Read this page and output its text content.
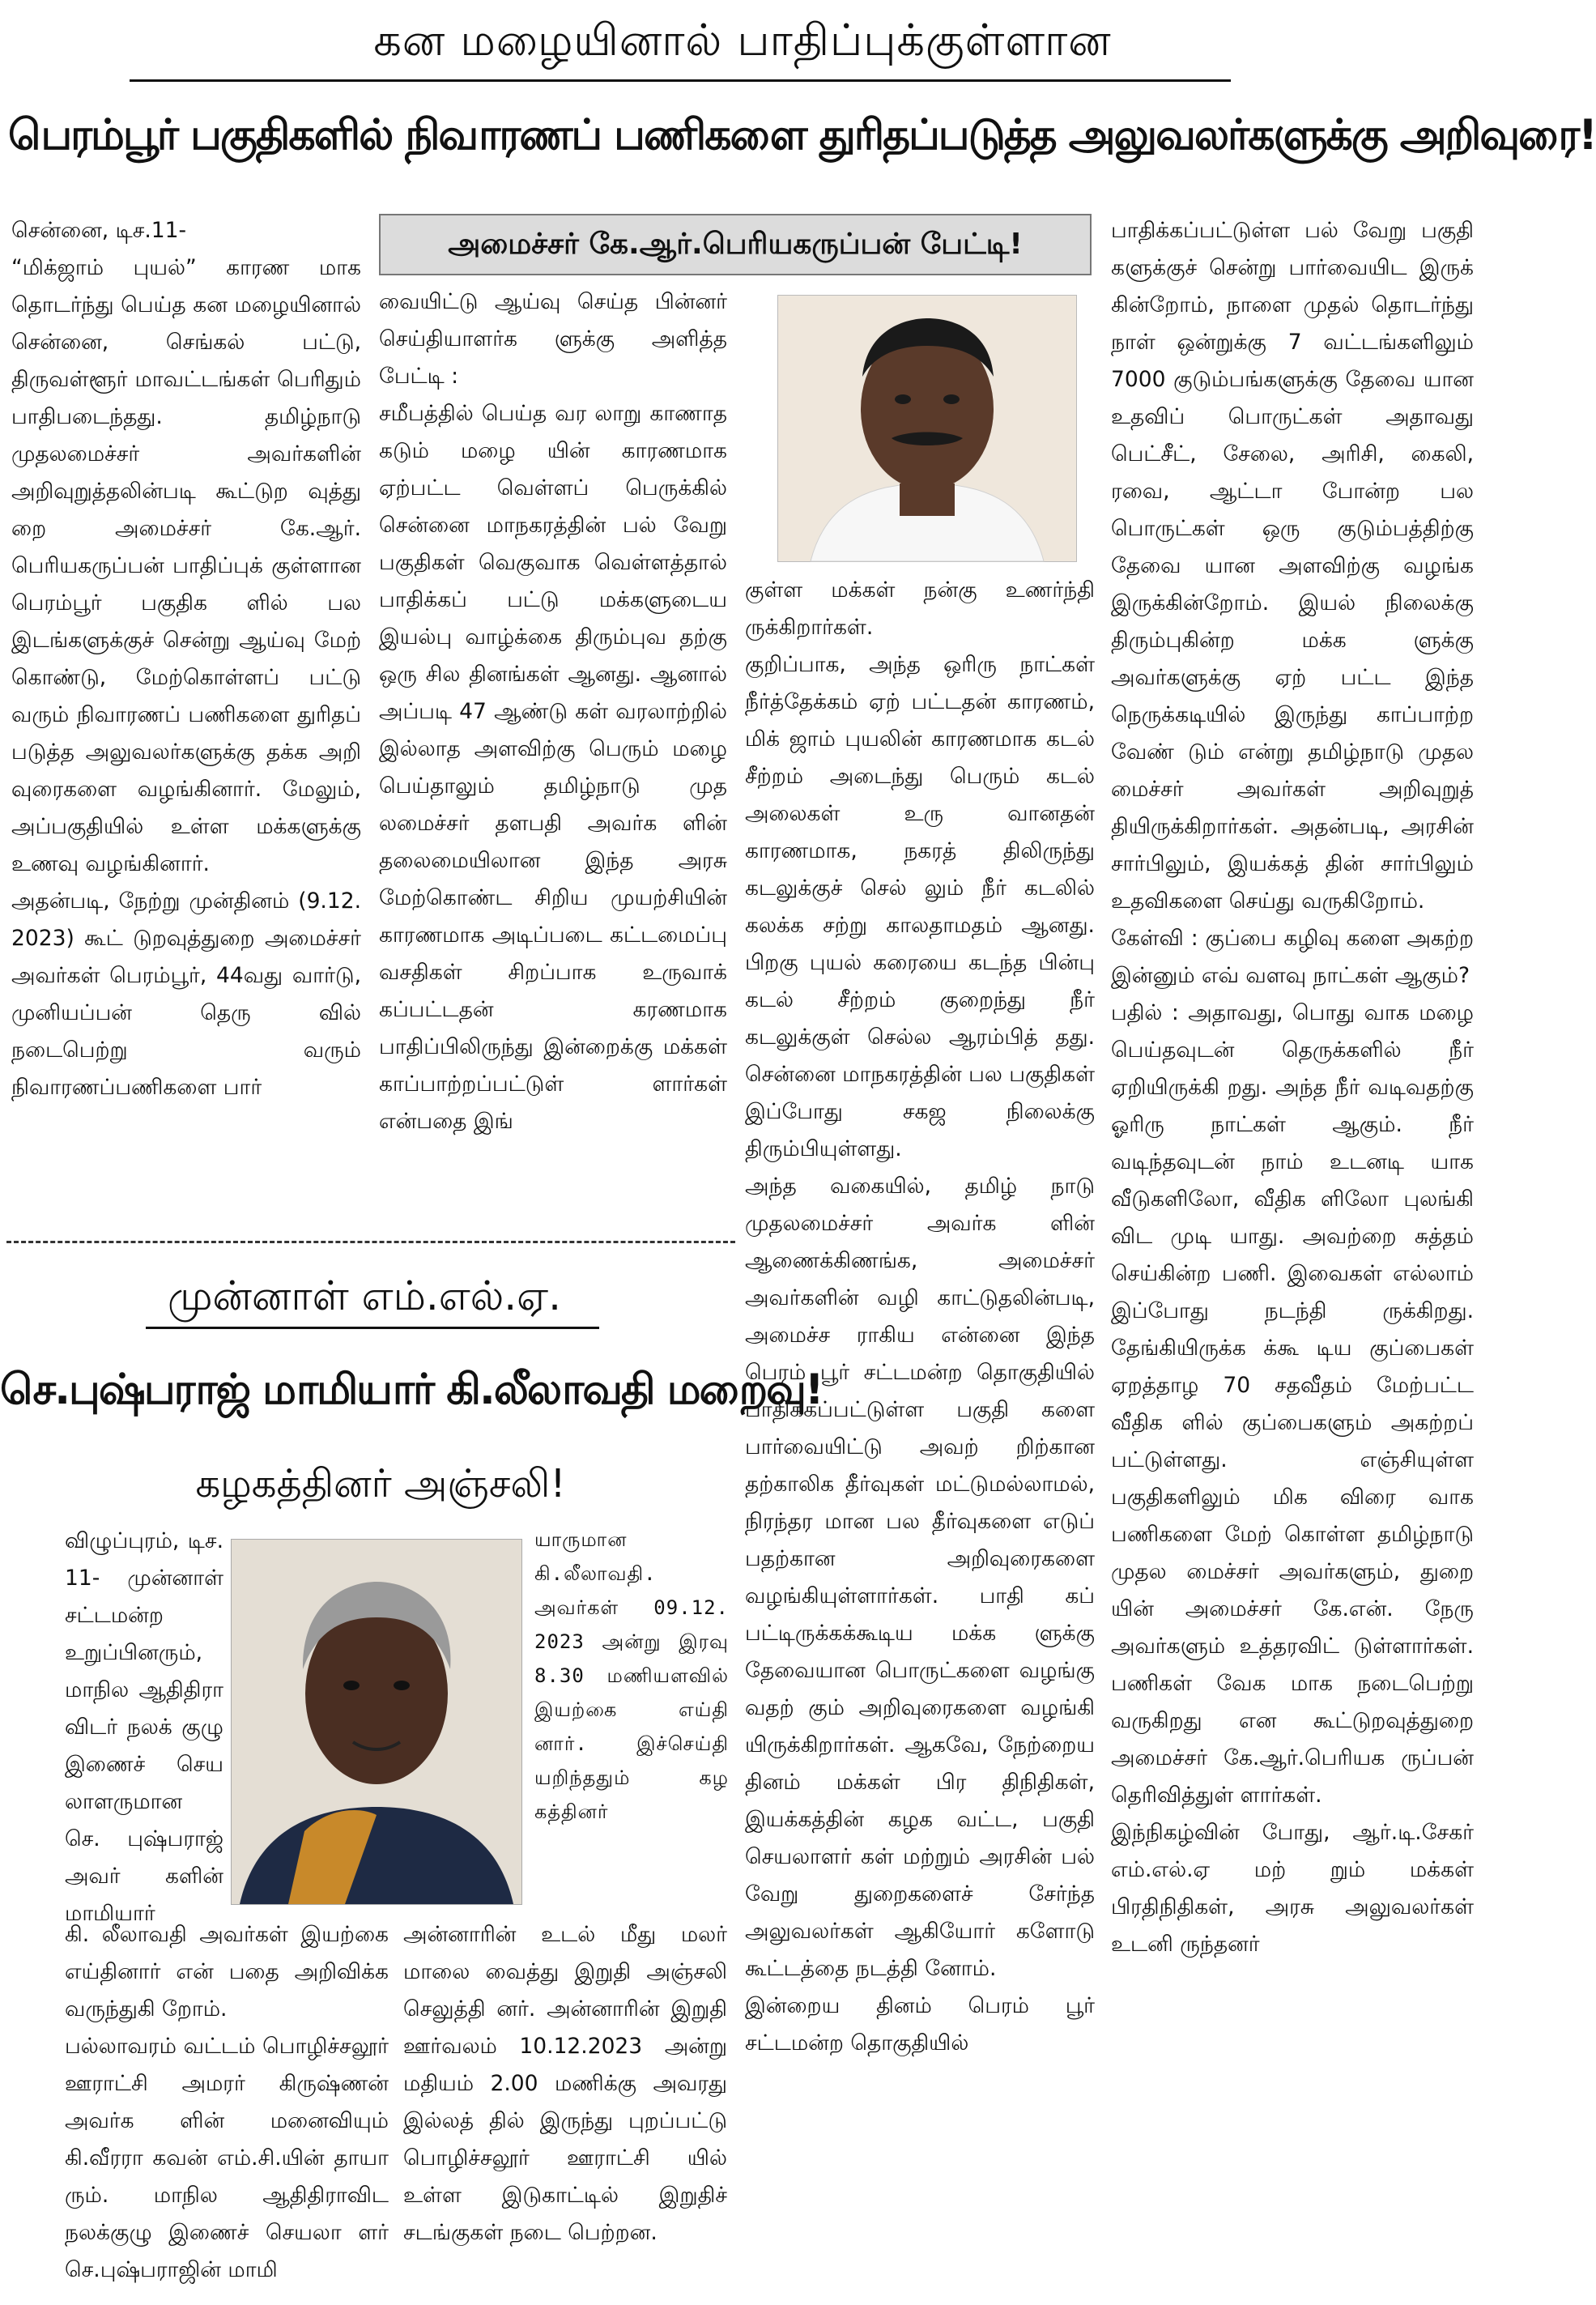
கன மழையினால் பாதிப்புக்குள்ளான
பெரம்பூர் பகுதிகளில் நிவாரணப் பணிகளை துரிதப்படுத்த அலுவலர்களுக்கு அறிவுரை!
சென்னை, டிச.11-
“மிக்ஜாம் புயல்” காரண மாக தொடர்ந்து பெய்த கன மழையினால் சென்னை, செங்கல் பட்டு, திருவள்ளூர் மாவட்டங்கள் பெரிதும் பாதிபடைந்தது. தமிழ்நாடு முதலமைச்சர் அவர்களின் அறிவுறுத்தலின்படி கூட்டுற வுத்து றை அமைச்சர் கே.ஆர். பெரியகருப்பன் பாதிப்புக் குள்ளான பெரம்பூர் பகுதிக ளில் பல இடங்களுக்குச் சென்று ஆய்வு மேற் கொண்டு, மேற்கொள்ளப் பட்டு வரும் நிவாரணப் பணிகளை துரிதப் படுத்த அலுவலர்களுக்கு தக்க அறி வுரைகளை வழங்கினார். மேலும், அப்பகுதியில் உள்ள மக்களுக்கு உணவு வழங்கினார்.
அதன்படி, நேற்று முன்தினம் (9.12. 2023) கூட் டுறவுத்துறை அமைச்சர் அவர்கள் பெரம்பூர், 44வது வார்டு, முனியப்பன் தெரு வில் நடைபெற்று வரும் நிவாரணப்பணிகளை பார்
அமைச்சர் கே.ஆர்.பெரியகருப்பன் பேட்டி!
வையிட்டு ஆய்வு செய்த பின்னர் செய்தியாளர்க ளுக்கு அளித்த பேட்டி :
சமீபத்தில் பெய்த வர லாறு காணாத கடும் மழை யின் காரணமாக ஏற்பட்ட வெள்ளப் பெருக்கில் சென்னை மாநகரத்தின் பல் வேறு பகுதிகள் வெகுவாக வெள்ளத்தால் பாதிக்கப் பட்டு மக்களுடைய இயல்பு வாழ்க்கை திரும்புவ தற்கு ஒரு சில தினங்கள் ஆனது. ஆனால் அப்படி 47 ஆண்டு கள் வரலாற்றில் இல்லாத அளவிற்கு பெரும் மழை பெய்தாலும் தமிழ்நாடு முத லமைச்சர் தளபதி அவர்க ளின் தலைமையிலான இந்த அரசு மேற்கொண்ட சிறிய முயற்சியின் காரணமாக அடிப்படை கட்டமைப்பு வசதிகள் சிறப்பாக உருவாக் கப்பட்டதன் கரணமாக பாதிப்பிலிருந்து இன்றைக்கு மக்கள் காப்பாற்றப்பட்டுள் ளார்கள் என்பதை இங்
குள்ள மக்கள் நன்கு உணர்ந்தி ருக்கிறார்கள்.
குறிப்பாக, அந்த ஒரிரு நாட்கள் நீர்த்தேக்கம் ஏற் பட்டதன் காரணம், மிக் ஜாம் புயலின் காரணமாக கடல் சீற்றம் அடைந்து பெரும் கடல் அலைகள் உரு வானதன் காரணமாக, நகரத் திலிருந்து கடலுக்குச் செல் லும் நீர் கடலில் கலக்க சற்று காலதாமதம் ஆனது. பிறகு புயல் கரையை கடந்த பின்பு கடல் சீற்றம் குறைந்து நீர் கடலுக்குள் செல்ல ஆரம்பித் தது. சென்னை மாநகரத்தின் பல பகுதிகள் இப்போது சகஜ நிலைக்கு திரும்பியுள்ளது.
அந்த வகையில், தமிழ் நாடு முதலமைச்சர் அவர்க ளின் ஆணைக்கிணங்க, அமைச்சர் அவர்களின் வழி காட்டுதலின்படி, அமைச்ச ராகிய என்னை இந்த பெரம் பூர் சட்டமன்ற தொகுதியில் பாதிக்கப்பட்டுள்ள பகுதி களை பார்வையிட்டு அவற் றிற்கான தற்காலிக தீர்வுகள் மட்டுமல்லாமல், நிரந்தர மான பல தீர்வுகளை எடுப் பதற்கான அறிவுரைகளை வழங்கியுள்ளார்கள். பாதி கப் பட்டிருக்கக்கூடிய மக்க ளுக்கு தேவையான பொருட்களை வழங்கு வதற் கும் அறிவுரைகளை வழங்கி யிருக்கிறார்கள். ஆகவே, நேற்றைய தினம் மக்கள் பிர திநிதிகள், இயக்கத்தின் கழக வட்ட, பகுதி செயலாளர் கள் மற்றும் அரசின் பல் வேறு துறைகளைச் சேர்ந்த அலுவலர்கள் ஆகியோர் களோடு கூட்டத்தை நடத்தி னோம்.
இன்றைய தினம் பெரம் பூர் சட்டமன்ற தொகுதியில்
பாதிக்கப்பட்டுள்ள பல் வேறு பகுதி களுக்குச் சென்று பார்வையிட இருக் கின்றோம், நாளை முதல் தொடர்ந்து நாள் ஒன்றுக்கு 7 வட்டங்களிலும் 7000 குடும்பங்களுக்கு தேவை யான உதவிப் பொருட்கள் அதாவது பெட்சீட், சேலை, அரிசி, கைலி, ரவை, ஆட்டா போன்ற பல பொருட்கள் ஒரு குடும்பத்திற்கு தேவை யான அளவிற்கு வழங்க இருக்கின்றோம். இயல் நிலைக்கு திரும்புகின்ற மக்க ளுக்கு அவர்களுக்கு ஏற் பட்ட இந்த நெருக்கடியில் இருந்து காப்பாற்ற வேண் டும் என்று தமிழ்நாடு முதல மைச்சர் அவர்கள் அறிவுறுத் தியிருக்கிறார்கள். அதன்படி, அரசின் சார்பிலும், இயக்கத் தின் சார்பிலும் உதவிகளை செய்து வருகிறோம்.
கேள்வி : குப்பை கழிவு களை அகற்ற இன்னும் எவ் வளவு நாட்கள் ஆகும்?
பதில் : அதாவது, பொது வாக மழை பெய்தவுடன் தெருக்களில் நீர் ஏறியிருக்கி றது. அந்த நீர் வடிவதற்கு ஓரிரு நாட்கள் ஆகும். நீர் வடிந்தவுடன் நாம் உடனடி யாக வீடுகளிலோ, வீதிக ளிலோ புலங்கி விட முடி யாது. அவற்றை சுத்தம் செய்கின்ற பணி. இவைகள் எல்லாம் இப்போது நடந்தி ருக்கிறது. தேங்கியிருக்க க்கூ டிய குப்பைகள் ஏறத்தாழ 70 சதவீதம் மேற்பட்ட வீதிக ளில் குப்பைகளும் அகற்றப் பட்டுள்ளது. எஞ்சியுள்ள பகுதிகளிலும் மிக விரை வாக பணிகளை மேற் கொள்ள தமிழ்நாடு முதல மைச்சர் அவர்களும், துறை யின் அமைச்சர் கே.என். நேரு அவர்களும் உத்தரவிட் டுள்ளார்கள். பணிகள் வேக மாக நடைபெற்று வருகிறது என கூட்டுறவுத்துறை அமைச்சர் கே.ஆர்.பெரியக ருப்பன் தெரிவித்துள் ளார்கள்.
இந்நிகழ்வின் போது, ஆர்.டி.சேகர் எம்.எல்.ஏ மற் றும் மக்கள் பிரதிநிதிகள், அரசு அலுவலர்கள் உடனி ருந்தனர்
முன்னாள் எம்.எல்.ஏ.
செ.புஷ்பராஜ் மாமியார் கி.லீலாவதி மறைவு!
கழகத்தினர் அஞ்சலி!
விழுப்புரம், டிச. 11- முன்னாள் சட்டமன்ற உறுப்பினரும், மாநில ஆதிதிரா விடர் நலக் குழு இணைச் செய லாளருமான செ. புஷ்பராஜ் அவர் களின் மாமியார்
கி. லீலாவதி அவர்கள் இயற்கை எய்தினார் என் பதை அறிவிக்க வருந்துகி றோம்.
பல்லாவரம் வட்டம் பொழிச்சலூர் ஊராட்சி அமரர் கிருஷ்ணன் அவர்க ளின் மனைவியும் கி.வீரரா கவன் எம்.சி.யின் தாயா ரும். மாநில ஆதிதிராவிட நலக்குழு இணைச் செயலா ளர் செ.புஷ்பராஜின் மாமி
யாருமான கி.லீலாவதி. அவர்கள் 09.12. 2023 அன்று இரவு 8.30 மணியளவில் இயற்கை எய்தி னார். இச்செய்தி யறிந்ததும் கழ கத்தினர்
அன்னாரின் உடல் மீது மலர் மாலை வைத்து இறுதி அஞ்சலி செலுத்தி னர். அன்னாரின் இறுதி ஊர்வலம் 10.12.2023 அன்று மதியம் 2.00 மணிக்கு அவரது இல்லத் தில் இருந்து புறப்பட்டு பொழிச்சலூர் ஊராட்சி யில் உள்ள இடுகாட்டில் இறுதிச் சடங்குகள் நடை பெற்றன.
